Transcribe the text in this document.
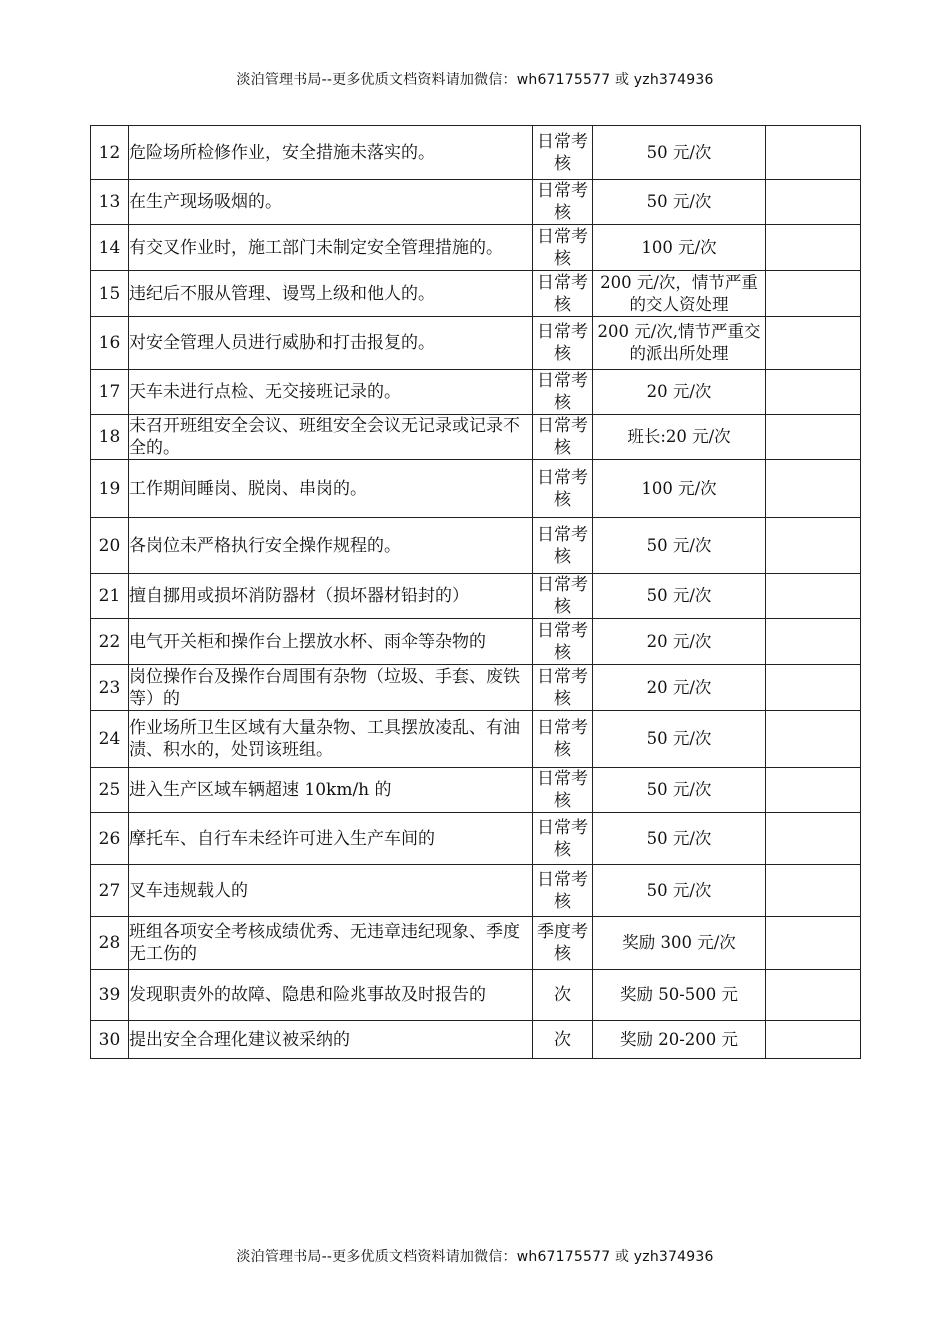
淡泊管理书局--更多优质文档资料请加微信：wh67175577 或 yzh374936
12	危险场所检修作业，安全措施未落实的。	日常考核	50 元/次	
13	在生产现场吸烟的。	日常考核	50 元/次	
14	有交叉作业时，施工部门未制定安全管理措施的。	日常考核	100 元/次	
15	违纪后不服从管理、谩骂上级和他人的。	日常考核	200 元/次，情节严重的交人资处理	
16	对安全管理人员进行威胁和打击报复的。	日常考核	200 元/次,情节严重交的派出所处理	
17	天车未进行点检、无交接班记录的。	日常考核	20 元/次	
18	未召开班组安全会议、班组安全会议无记录或记录不全的。	日常考核	班长:20 元/次	
19	工作期间睡岗、脱岗、串岗的。	日常考核	100 元/次	
20	各岗位未严格执行安全操作规程的。	日常考核	50 元/次	
21	擅自挪用或损坏消防器材（损坏器材铅封的）	日常考核	50 元/次	
22	电气开关柜和操作台上摆放水杯、雨伞等杂物的	日常考核	20 元/次	
23	岗位操作台及操作台周围有杂物（垃圾、手套、废铁等）的	日常考核	20 元/次	
24	作业场所卫生区域有大量杂物、工具摆放凌乱、有油渍、积水的，处罚该班组。	日常考核	50 元/次	
25	进入生产区域车辆超速 10km/h 的	日常考核	50 元/次	
26	摩托车、自行车未经许可进入生产车间的	日常考核	50 元/次	
27	叉车违规载人的	日常考核	50 元/次	
28	班组各项安全考核成绩优秀、无违章违纪现象、季度无工伤的	季度考核	奖励 300 元/次	
39	发现职责外的故障、隐患和险兆事故及时报告的	次	奖励 50-500 元	
30	提出安全合理化建议被采纳的	次	奖励 20-200 元	
淡泊管理书局--更多优质文档资料请加微信：wh67175577 或 yzh374936
